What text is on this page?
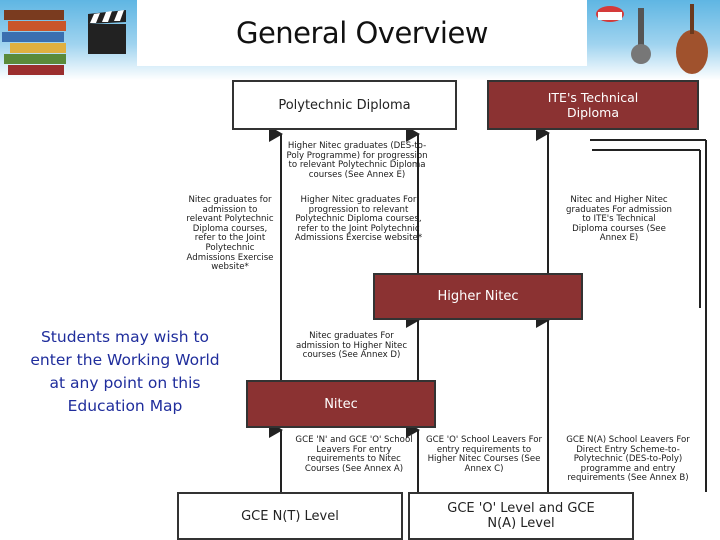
General Overview
Polytechnic Diploma	ITE's Technical Diploma
Higher Nitec
Nitec
GCE N(T) Level	GCE 'O' Level and GCE N(A) Level
Higher Nitec graduates (DES-to-Poly Programme) for progression to relevant Polytechnic Diploma courses (See Annex E)
Higher Nitec graduates For progression to relevant Polytechnic Diploma courses, refer to the Joint Polytechnic Admissions Exercise website*
Nitec graduates for admission to relevant Polytechnic Diploma courses, refer to the Joint Polytechnic Admissions Exercise website*
Nitec and Higher Nitec graduates For admission to ITE's Technical Diploma courses (See Annex E)
Nitec graduates For admission to Higher Nitec courses (See Annex D)
GCE 'N' and GCE 'O' School Leavers For entry requirements to Nitec Courses (See Annex A)
GCE 'O' School Leavers For entry requirements to Higher Nitec Courses (See Annex C)
GCE N(A) School Leavers For Direct Entry Scheme-to-Polytechnic (DES-to-Poly) programme and entry requirements (See Annex B)
Students may wish to enter the Working World at any point on this Education Map
